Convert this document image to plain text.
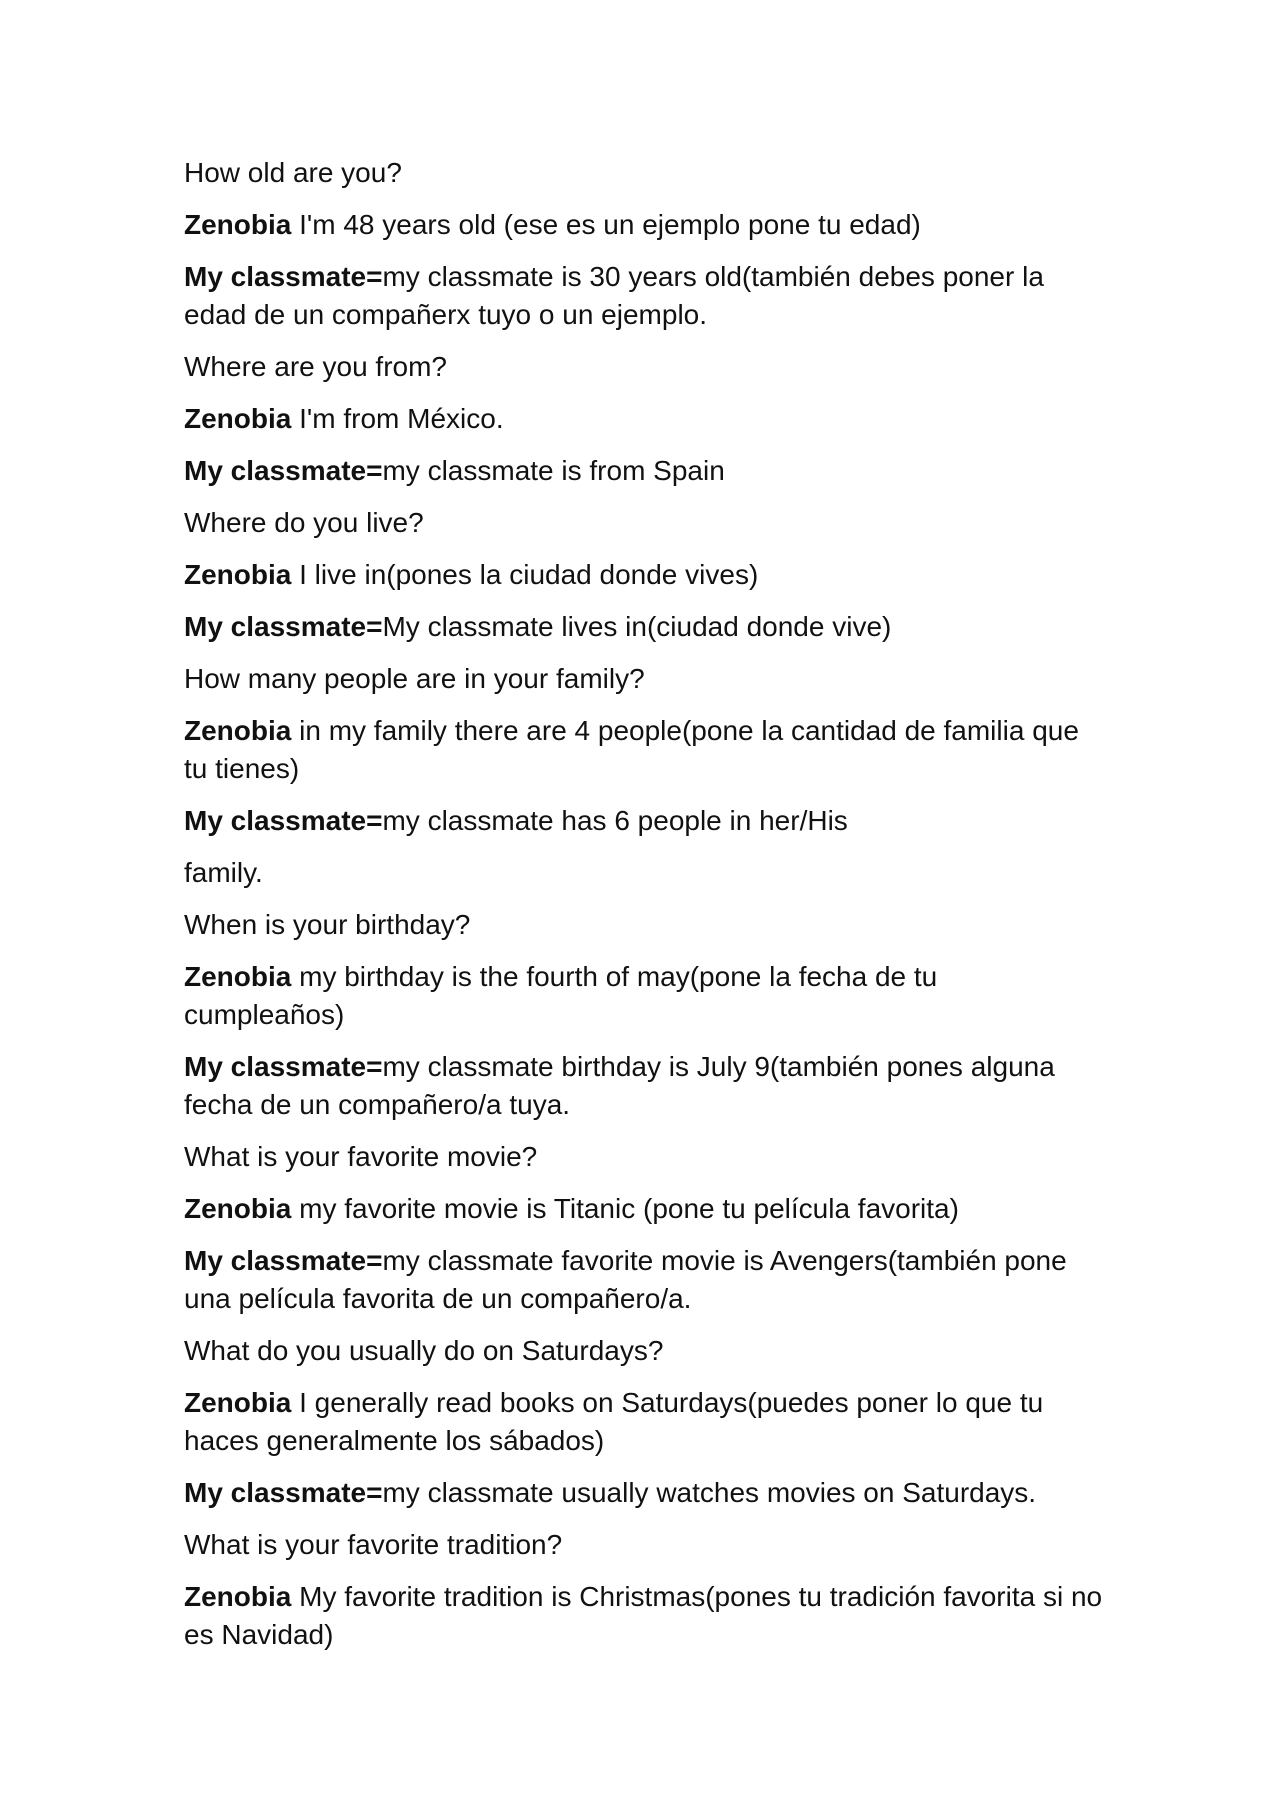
How old are you?

Zenobia I'm 48 years old (ese es un ejemplo pone tu edad)

My classmate=my classmate is 30 years old(también debes poner la edad de un compañerx tuyo o un ejemplo.

Where are you from?

Zenobia I'm from México.

My classmate=my classmate is from Spain

Where do you live?

Zenobia I live in(pones la ciudad donde vives)

My classmate=My classmate lives in(ciudad donde vive)

How many people are in your family?

Zenobia in my family there are 4 people(pone la cantidad de familia que tu tienes)

My classmate=my classmate has 6 people in her/His

family.

When is your birthday?

Zenobia my birthday is the fourth of may(pone la fecha de tu cumpleaños)

My classmate=my classmate birthday is July 9(también pones alguna fecha de un compañero/a tuya.

What is your favorite movie?

Zenobia my favorite movie is Titanic (pone tu película favorita)

My classmate=my classmate favorite movie is Avengers(también pone una película favorita de un compañero/a.

What do you usually do on Saturdays?

Zenobia I generally read books on Saturdays(puedes poner lo que tu haces generalmente los sábados)

My classmate=my classmate usually watches movies on Saturdays.

What is your favorite tradition?

Zenobia My favorite tradition is Christmas(pones tu tradición favorita si no es Navidad)
